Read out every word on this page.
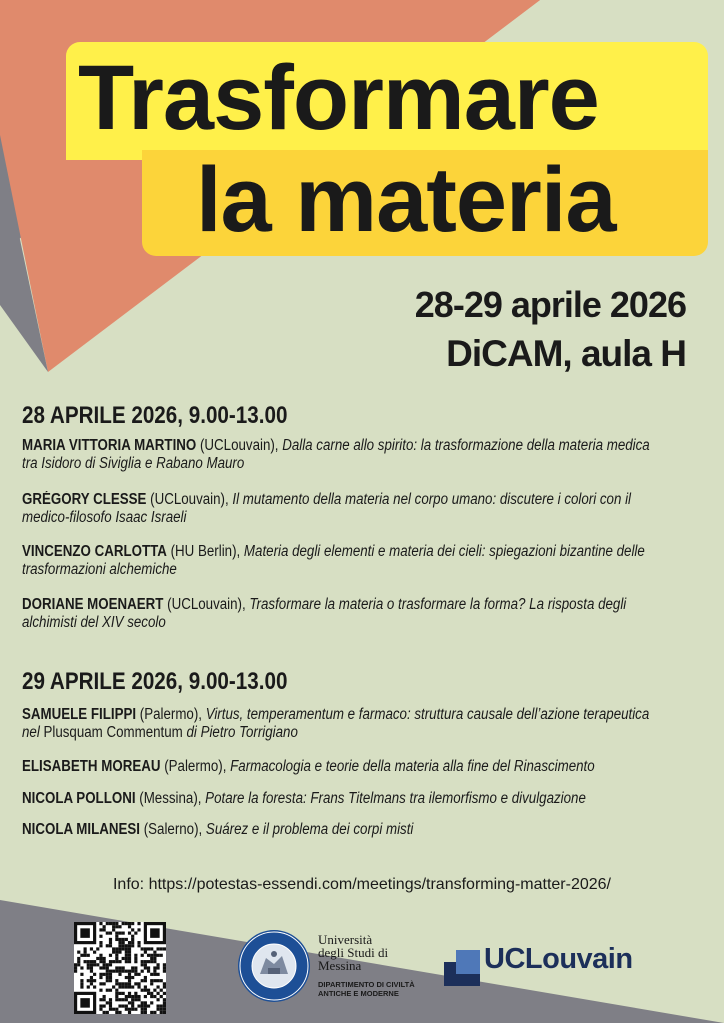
Trasformare
la materia
28-29 aprile 2026
DiCAM, aula H
28 APRILE 2026, 9.00-13.00
MARIA VITTORIA MARTINO (UCLouvain), Dalla carne allo spirito: la trasformazione della materia medica
tra Isidoro di Siviglia e Rabano Mauro
GRÉGORY CLESSE (UCLouvain), Il mutamento della materia nel corpo umano: discutere i colori con il
medico-filosofo Isaac Israeli
VINCENZO CARLOTTA (HU Berlin), Materia degli elementi e materia dei cieli: spiegazioni bizantine delle
trasformazioni alchemiche
DORIANE MOENAERT (UCLouvain), Trasformare la materia o trasformare la forma? La risposta degli
alchimisti del XIV secolo
29 APRILE 2026, 9.00-13.00
SAMUELE FILIPPI (Palermo), Virtus, temperamentum e farmaco: struttura causale dell’azione terapeutica
nel Plusquam Commentum di Pietro Torrigiano
ELISABETH MOREAU (Palermo), Farmacologia e teorie della materia alla fine del Rinascimento
NICOLA POLLONI (Messina), Potare la foresta: Frans Titelmans tra ilemorfismo e divulgazione
NICOLA MILANESI (Salerno), Suárez e il problema dei corpi misti
Info: https://potestas-essendi.com/meetings/transforming-matter-2026/
Università
degli Studi di
Messina
DIPARTIMENTO DI CIVILTÀ
ANTICHE E MODERNE
UCLouvain
